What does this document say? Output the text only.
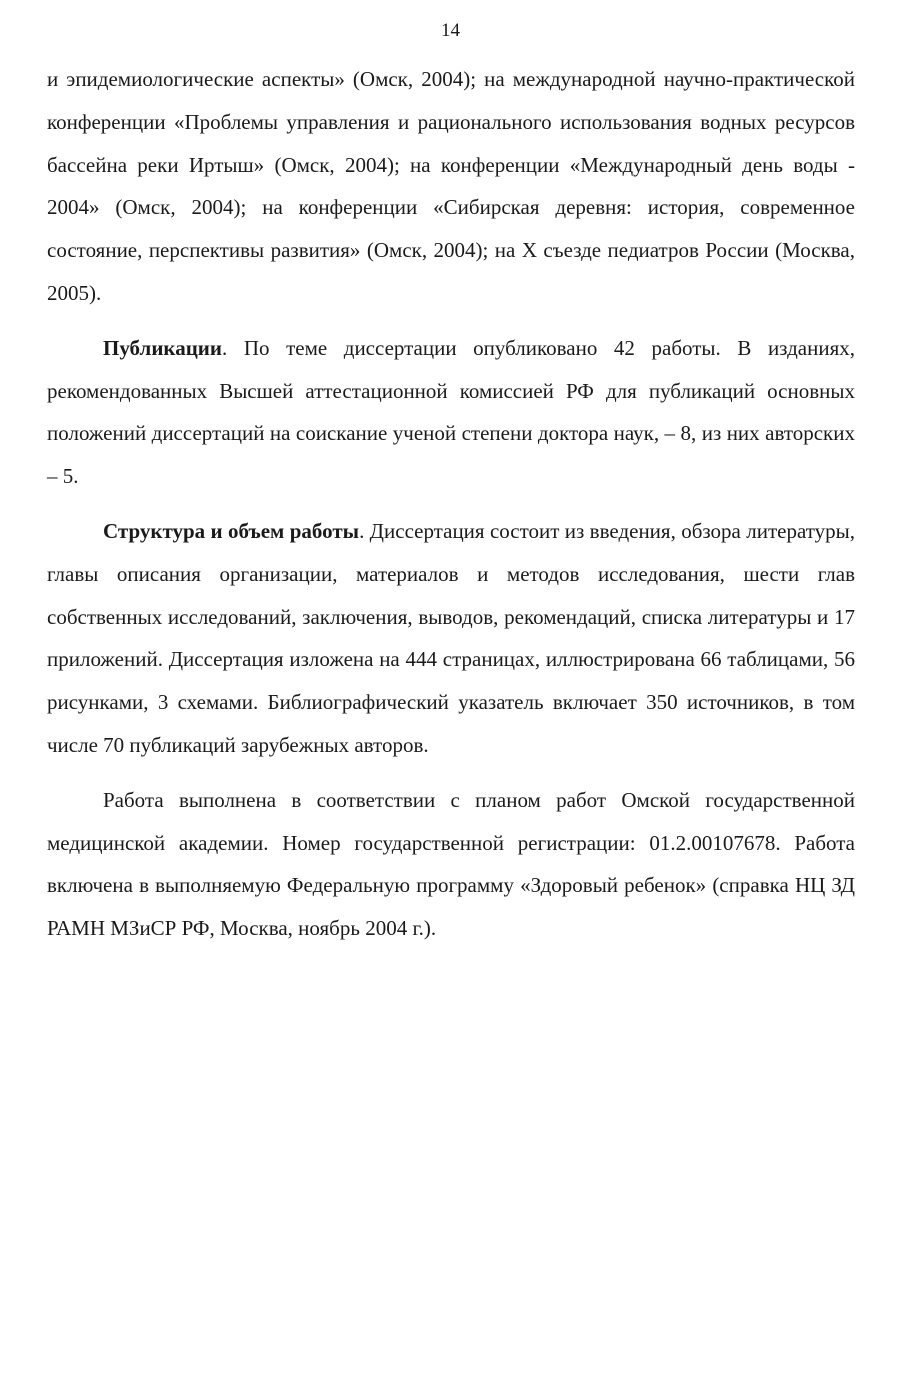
14

и эпидемиологические аспекты» (Омск, 2004); на международной научно-практической конференции «Проблемы управления и рационального использования водных ресурсов бассейна реки Иртыш» (Омск, 2004); на конференции «Международный день воды - 2004» (Омск, 2004); на конференции «Сибирская деревня: история, современное состояние, перспективы развития» (Омск, 2004); на X съезде педиатров России (Москва, 2005).

Публикации. По теме диссертации опубликовано 42 работы. В изданиях, рекомендованных Высшей аттестационной комиссией РФ для публикаций основных положений диссертаций на соискание ученой степени доктора наук, – 8, из них авторских – 5.

Структура и объем работы. Диссертация состоит из введения, обзора литературы, главы описания организации, материалов и методов исследования, шести глав собственных исследований, заключения, выводов, рекомендаций, списка литературы и 17 приложений. Диссертация изложена на 444 страницах, иллюстрирована 66 таблицами, 56 рисунками, 3 схемами. Библиографический указатель включает 350 источников, в том числе 70 публикаций зарубежных авторов.

Работа выполнена в соответствии с планом работ Омской государственной медицинской академии. Номер государственной регистрации: 01.2.00107678. Работа включена в выполняемую Федеральную программу «Здоровый ребенок» (справка НЦ ЗД РАМН МЗиСР РФ, Москва, ноябрь 2004 г.).
